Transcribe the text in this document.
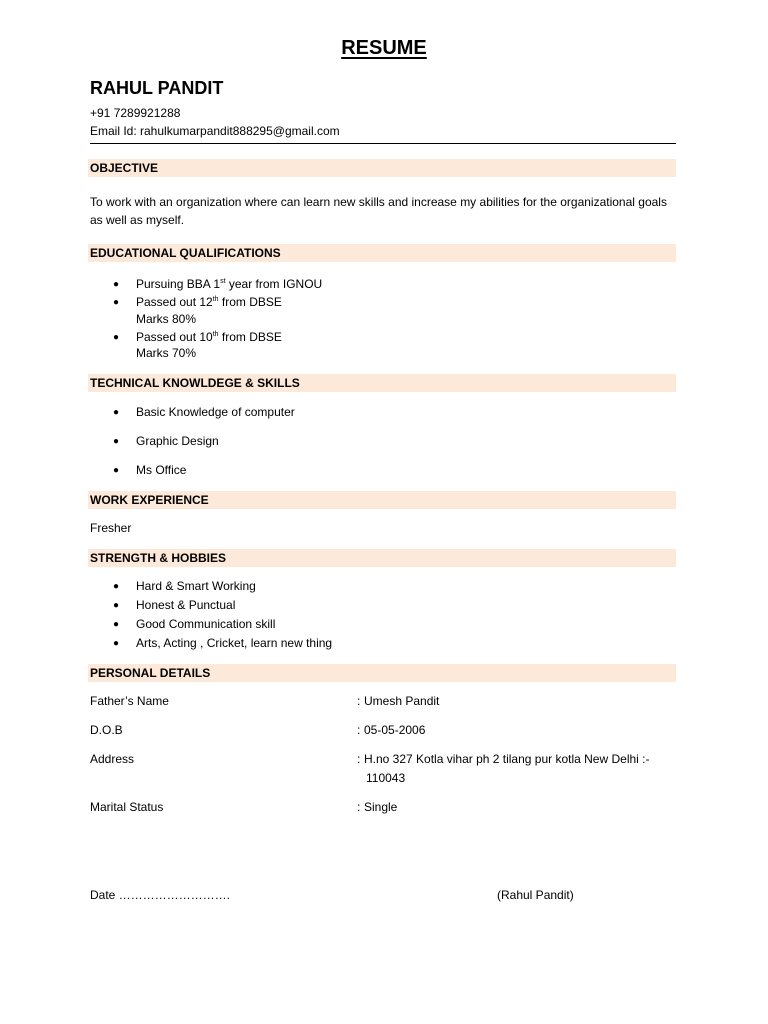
RESUME
RAHUL PANDIT
+91 7289921288
Email Id: rahulkumarpandit888295@gmail.com
OBJECTIVE
To work with an organization where can learn new skills and increase my abilities for the organizational goals as well as myself.
EDUCATIONAL QUALIFICATIONS
● Pursuing BBA 1st year from IGNOU
● Passed out 12th from DBSE
Marks 80%
● Passed out 10th from DBSE
Marks 70%
TECHNICAL KNOWLDEGE & SKILLS
● Basic Knowledge of computer
● Graphic Design
● Ms Office
WORK EXPERIENCE
Fresher
STRENGTH & HOBBIES
● Hard & Smart Working
● Honest & Punctual
● Good Communication skill
● Arts, Acting , Cricket, learn new thing
PERSONAL DETAILS
Father’s Name	: Umesh Pandit
D.O.B	: 05-05-2006
Address	: H.no 327 Kotla vihar ph 2 tilang pur kotla New Delhi :-
110043
Marital Status	: Single
Date ……………………….	(Rahul Pandit)
